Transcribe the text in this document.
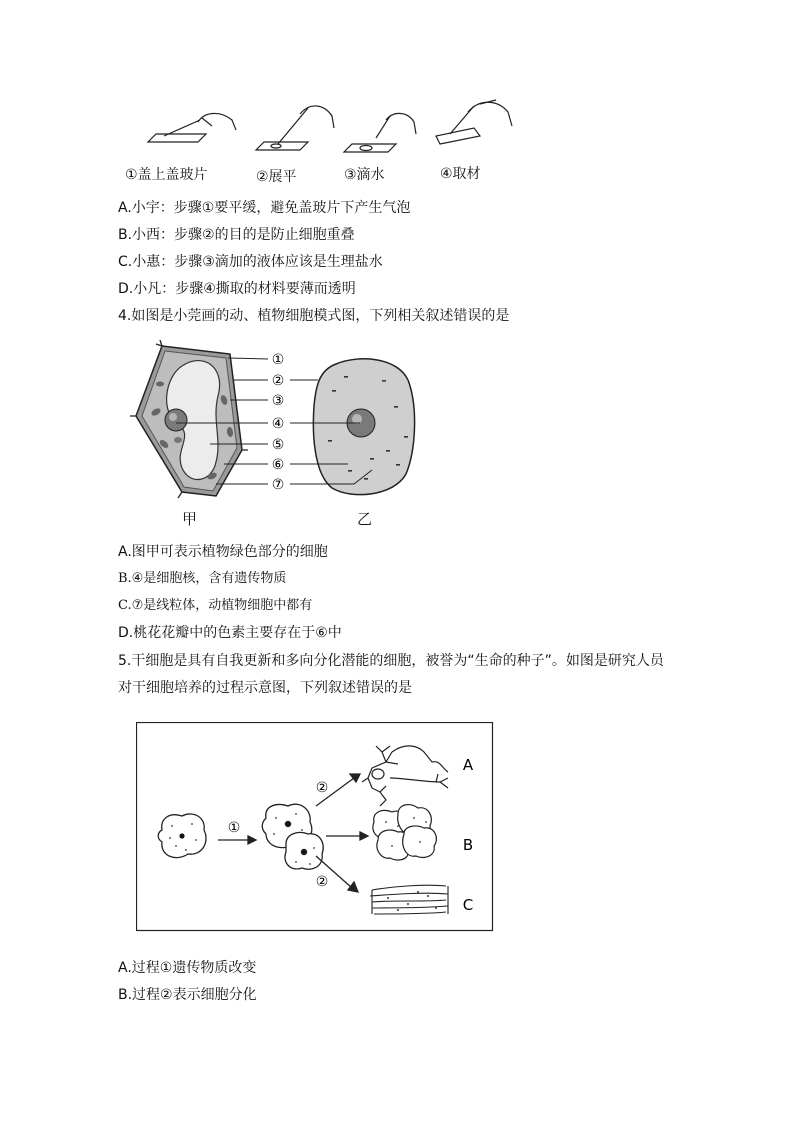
①盖上盖玻片	②展平	③滴水	④取材
A.小宇：步骤①要平缓，避免盖玻片下产生气泡
B.小西：步骤②的目的是防止细胞重叠
C.小惠：步骤③滴加的液体应该是生理盐水
D.小凡：步骤④撕取的材料要薄而透明
4.如图是小莞画的动、植物细胞模式图，下列相关叙述错误的是
①
②
③
④
⑤
⑥
⑦
甲	乙
A.图甲可表示植物绿色部分的细胞
B.④是细胞核，含有遗传物质
C.⑦是线粒体，动植物细胞中都有
D.桃花花瓣中的色素主要存在于⑥中
5.干细胞是具有自我更新和多向分化潜能的细胞，被誉为“生命的种子”。如图是研究人员
对干细胞培养的过程示意图，下列叙述错误的是
①
②
②
A
B
C
A.过程①遗传物质改变
B.过程②表示细胞分化
